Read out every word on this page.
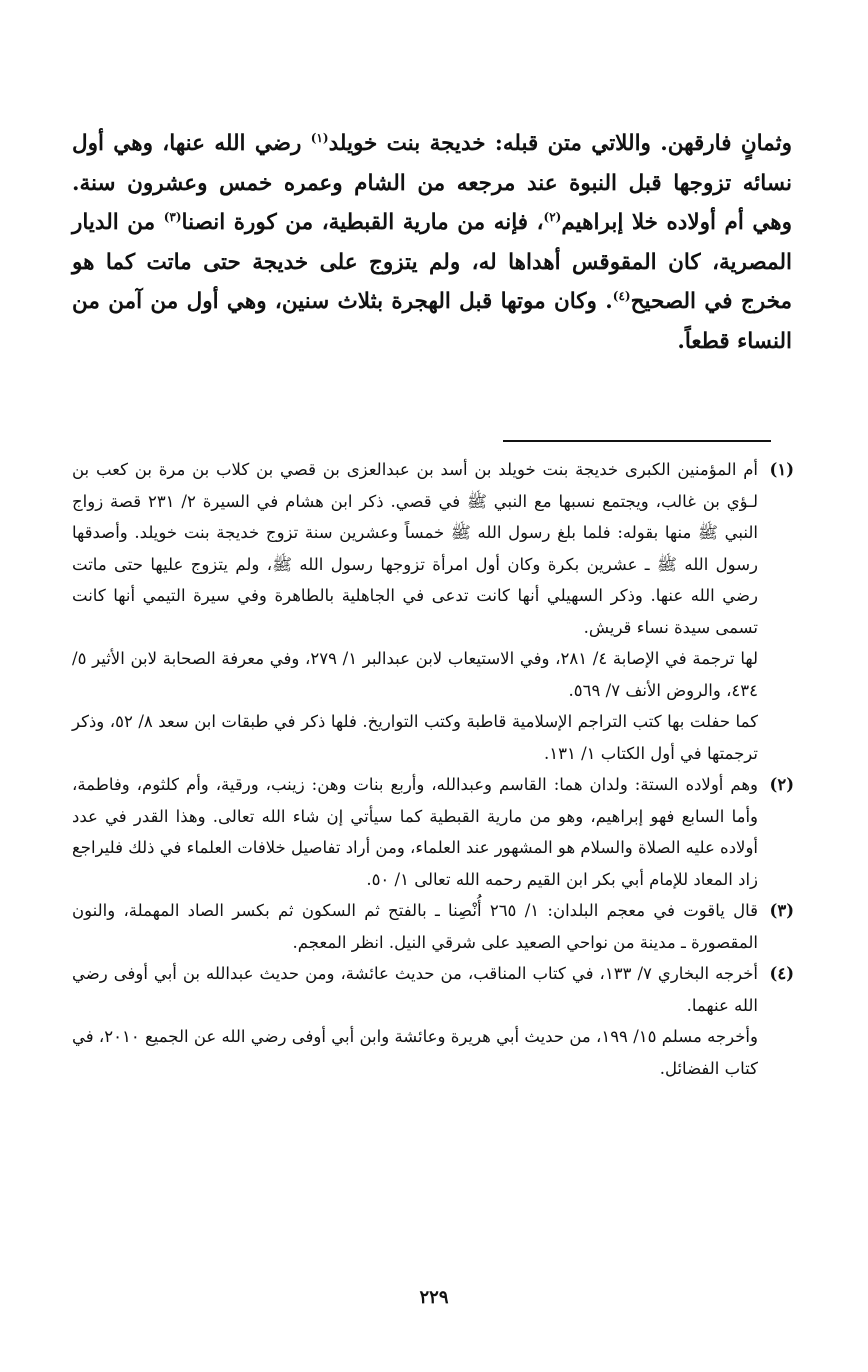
وثمانٍ فارقهن. واللاتي متن قبله: خديجة بنت خويلد$^{(١)}$ رضي الله عنها، وهي أول نسائه تزوجها قبل النبوة عند مرجعه من الشام وعمره خمس وعشرون سنة. وهي أم أولاده خلا إبراهيم$^{(٢)}$، فإنه من مارية القبطية، من كورة انصنا$^{(٣)}$ من الديار المصرية، كان المقوقس أهداها له، ولم يتزوج على خديجة حتى ماتت كما هو مخرج في الصحيح$^{(٤)}$. وكان موتها قبل الهجرة بثلاث سنين، وهي أول من آمن من النساء قطعاً.

(١)

أم المؤمنين الكبرى خديجة بنت خويلد بن أسد بن عبدالعزى بن قصي بن كلاب بن مرة بن كعب بن لـؤي بن غالب، ويجتمع نسبها مع النبي ﷺ في قصي. ذكر ابن هشام في السيرة ٢/ ٢٣١ قصة زواج النبي ﷺ منها بقوله: فلما بلغ رسول الله ﷺ خمساً وعشرين سنة تزوج خديجة بنت خويلد. وأصدقها رسول الله ﷺ ـ عشرين بكرة وكان أول امرأة تزوجها رسول الله ﷺ، ولم يتزوج عليها حتى ماتت رضي الله عنها. وذكر السهيلي أنها كانت تدعى في الجاهلية بالطاهرة وفي سيرة التيمي أنها كانت تسمى سيدة نساء قريش.

لها ترجمة في الإصابة ٤/ ٢٨١، وفي الاستيعاب لابن عبدالبر ١/ ٢٧٩، وفي معرفة الصحابة لابن الأثير ٥/ ٤٣٤، والروض الأنف ٧/ ٥٦٩.

كما حفلت بها كتب التراجم الإسلامية قاطبة وكتب التواريخ. فلها ذكر في طبقات ابن سعد ٨/ ٥٢، وذكر ترجمتها في أول الكتاب ١/ ١٣١.

(٢)

وهم أولاده الستة: ولدان هما: القاسم وعبدالله، وأربع بنات وهن: زينب، ورقية، وأم كلثوم، وفاطمة، وأما السابع فهو إبراهيم، وهو من مارية القبطية كما سيأتي إن شاء الله تعالى. وهذا القدر في عدد أولاده عليه الصلاة والسلام هو المشهور عند العلماء، ومن أراد تفاصيل خلافات العلماء في ذلك فليراجع زاد المعاد للإمام أبي بكر ابن القيم رحمه الله تعالى ١/ ٥٠.

(٣)

قال ياقوت في معجم البلدان: ١/ ٢٦٥ أُنْصِنا ـ بالفتح ثم السكون ثم بكسر الصاد المهملة، والنون المقصورة ـ مدينة من نواحي الصعيد على شرقي النيل. انظر المعجم.

(٤)

أخرجه البخاري ٧/ ١٣٣، في كتاب المناقب، من حديث عائشة، ومن حديث عبدالله بن أبي أوفى رضي الله عنهما.

وأخرجه مسلم ١٥/ ١٩٩، من حديث أبي هريرة وعائشة وابن أبي أوفى رضي الله عن الجميع ٢٠١٠، في كتاب الفضائل.

٢٢٩
